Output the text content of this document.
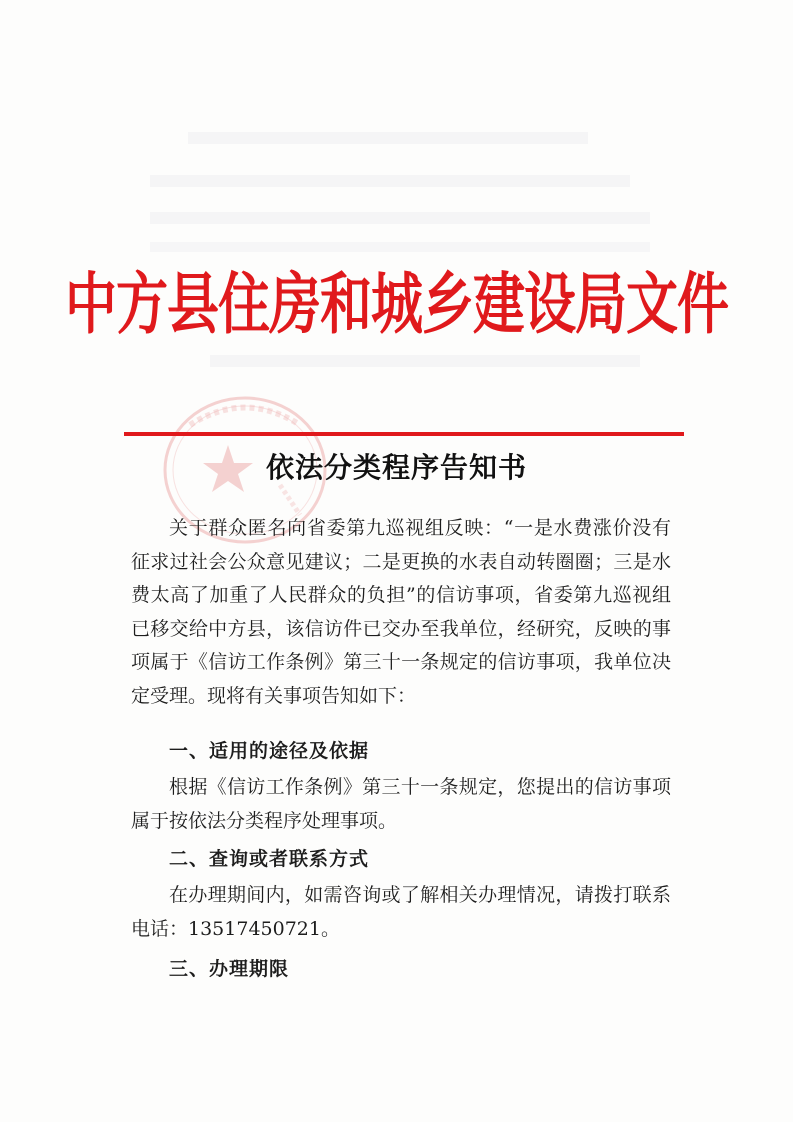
中方县住房和城乡建设局文件
依法分类程序告知书

关于群众匿名向省委第九巡视组反映：“一是水费涨价没有征求过社会公众意见建议；二是更换的水表自动转圈圈；三是水费太高了加重了人民群众的负担”的信访事项，省委第九巡视组已移交给中方县，该信访件已交办至我单位，经研究，反映的事项属于《信访工作条例》第三十一条规定的信访事项，我单位决定受理。现将有关事项告知如下：

一、适用的途径及依据

根据《信访工作条例》第三十一条规定，您提出的信访事项属于按依法分类程序处理事项。

二、查询或者联系方式

在办理期间内，如需咨询或了解相关办理情况，请拨打联系电话：13517450721。

三、办理期限
